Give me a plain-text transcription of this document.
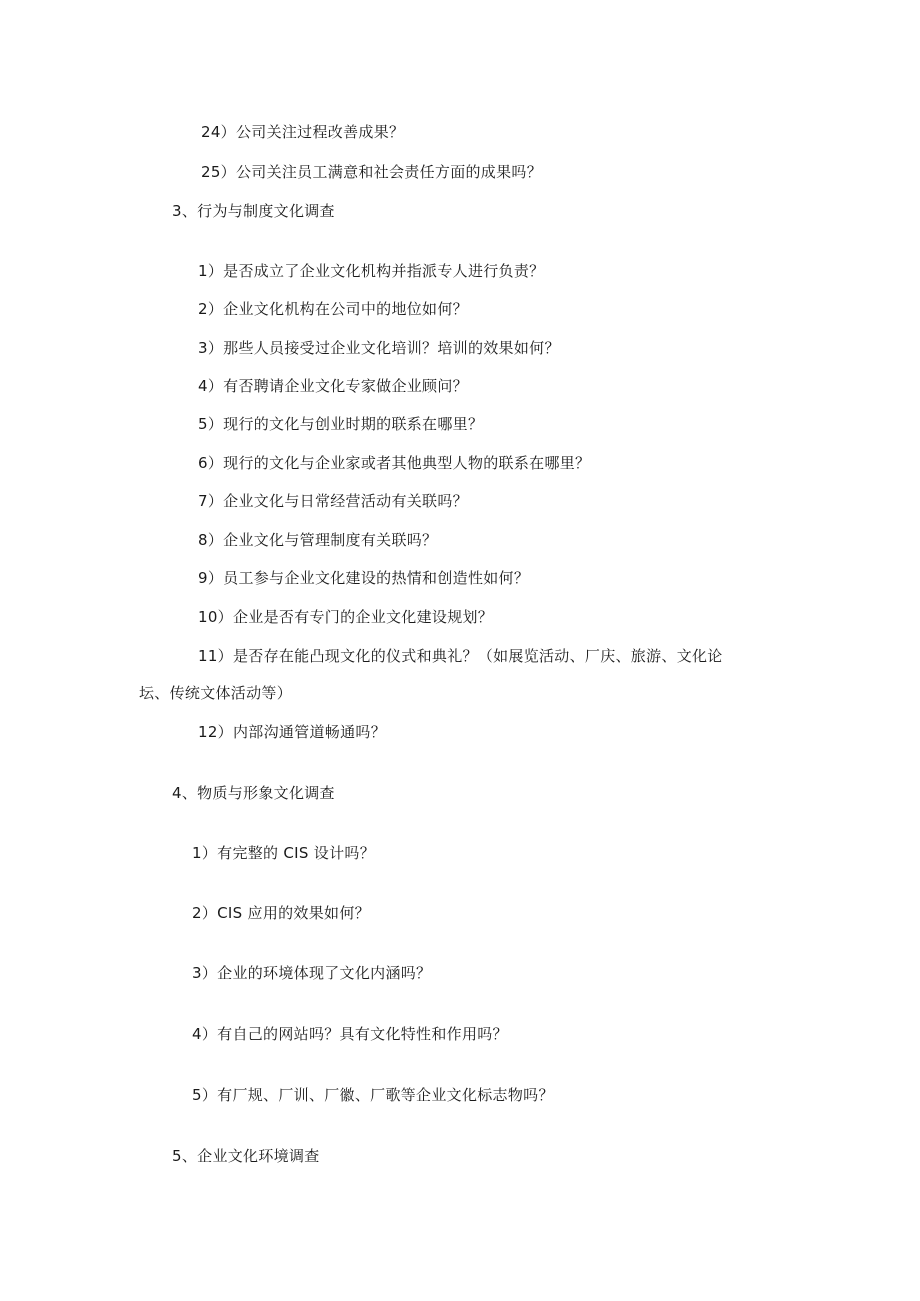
24）公司关注过程改善成果？
25）公司关注员工满意和社会责任方面的成果吗？
3、行为与制度文化调查
1）是否成立了企业文化机构并指派专人进行负责？
2）企业文化机构在公司中的地位如何？
3）那些人员接受过企业文化培训？培训的效果如何？
4）有否聘请企业文化专家做企业顾问？
5）现行的文化与创业时期的联系在哪里？
6）现行的文化与企业家或者其他典型人物的联系在哪里？
7）企业文化与日常经营活动有关联吗？
8）企业文化与管理制度有关联吗？
9）员工参与企业文化建设的热情和创造性如何？
10）企业是否有专门的企业文化建设规划？
11）是否存在能凸现文化的仪式和典礼？（如展览活动、厂庆、旅游、文化论
坛、传统文体活动等）
12）内部沟通管道畅通吗？
4、物质与形象文化调查
1）有完整的 CIS 设计吗？
2）CIS 应用的效果如何？
3）企业的环境体现了文化内涵吗？
4）有自己的网站吗？具有文化特性和作用吗？
5）有厂规、厂训、厂徽、厂歌等企业文化标志物吗？
5、企业文化环境调查
